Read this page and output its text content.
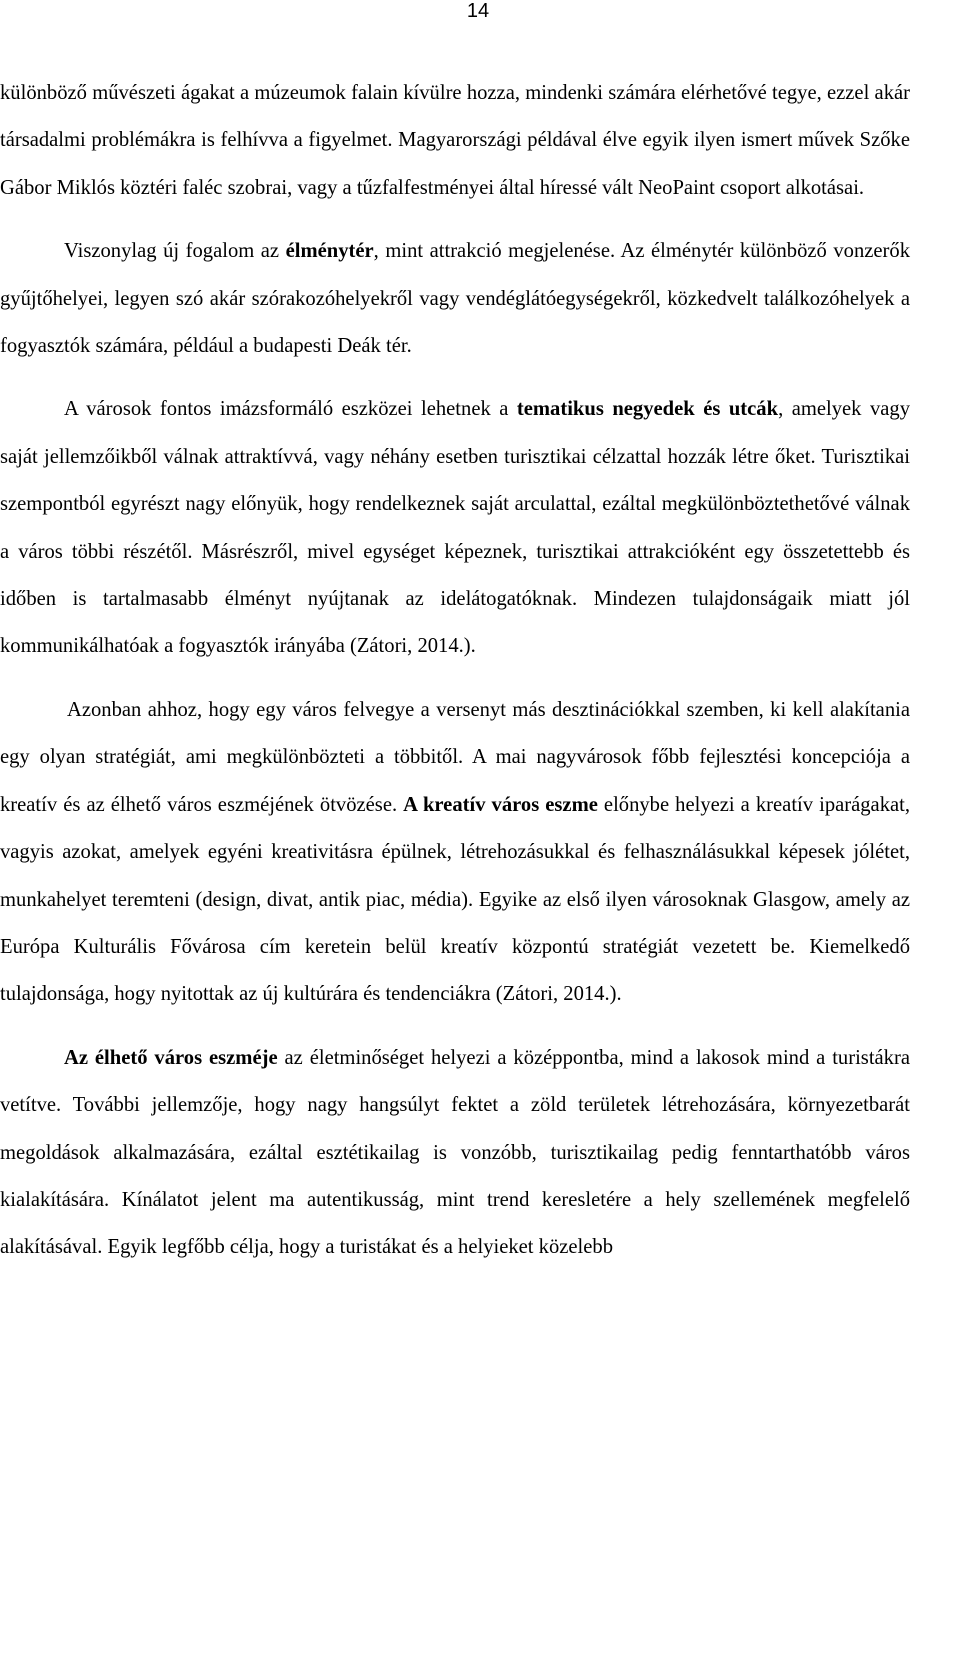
14

különböző művészeti ágakat a múzeumok falain kívülre hozza, mindenki számára elérhetővé tegye, ezzel akár társadalmi problémákra is felhívva a figyelmet. Magyarországi példával élve egyik ilyen ismert művek Szőke Gábor Miklós köztéri faléc szobrai, vagy a tűzfalfestményei által híressé vált NeoPaint csoport alkotásai.

Viszonylag új fogalom az élménytér, mint attrakció megjelenése. Az élménytér különböző vonzerők gyűjtőhelyei, legyen szó akár szórakozóhelyekről vagy vendéglátóegységekről, közkedvelt találkozóhelyek a fogyasztók számára, például a budapesti Deák tér.

A városok fontos imázsformáló eszközei lehetnek a tematikus negyedek és utcák, amelyek vagy saját jellemzőikből válnak attraktívvá, vagy néhány esetben turisztikai célzattal hozzák létre őket. Turisztikai szempontból egyrészt nagy előnyük, hogy rendelkeznek saját arculattal, ezáltal megkülönböztethetővé válnak a város többi részétől. Másrészről, mivel egységet képeznek, turisztikai attrakcióként egy összetettebb és időben is tartalmasabb élményt nyújtanak az idelátogatóknak. Mindezen tulajdonságaik miatt jól kommunikálhatóak a fogyasztók irányába (Zátori, 2014.).

Azonban ahhoz, hogy egy város felvegye a versenyt más desztinációkkal szemben, ki kell alakítania egy olyan stratégiát, ami megkülönbözteti a többitől. A mai nagyvárosok főbb fejlesztési koncepciója a kreatív és az élhető város eszméjének ötvözése. A kreatív város eszme előnybe helyezi a kreatív iparágakat, vagyis azokat, amelyek egyéni kreativitásra épülnek, létrehozásukkal és felhasználásukkal képesek jólétet, munkahelyet teremteni (design, divat, antik piac, média). Egyike az első ilyen városoknak Glasgow, amely az Európa Kulturális Fővárosa cím keretein belül kreatív központú stratégiát vezetett be. Kiemelkedő tulajdonsága, hogy nyitottak az új kultúrára és tendenciákra (Zátori, 2014.).

Az élhető város eszméje az életminőséget helyezi a középpontba, mind a lakosok mind a turistákra vetítve. További jellemzője, hogy nagy hangsúlyt fektet a zöld területek létrehozására, környezetbarát megoldások alkalmazására, ezáltal esztétikailag is vonzóbb, turisztikailag pedig fenntarthatóbb város kialakítására. Kínálatot jelent ma autentikusság, mint trend keresletére a hely szellemének megfelelő alakításával. Egyik legfőbb célja, hogy a turistákat és a helyieket közelebb
